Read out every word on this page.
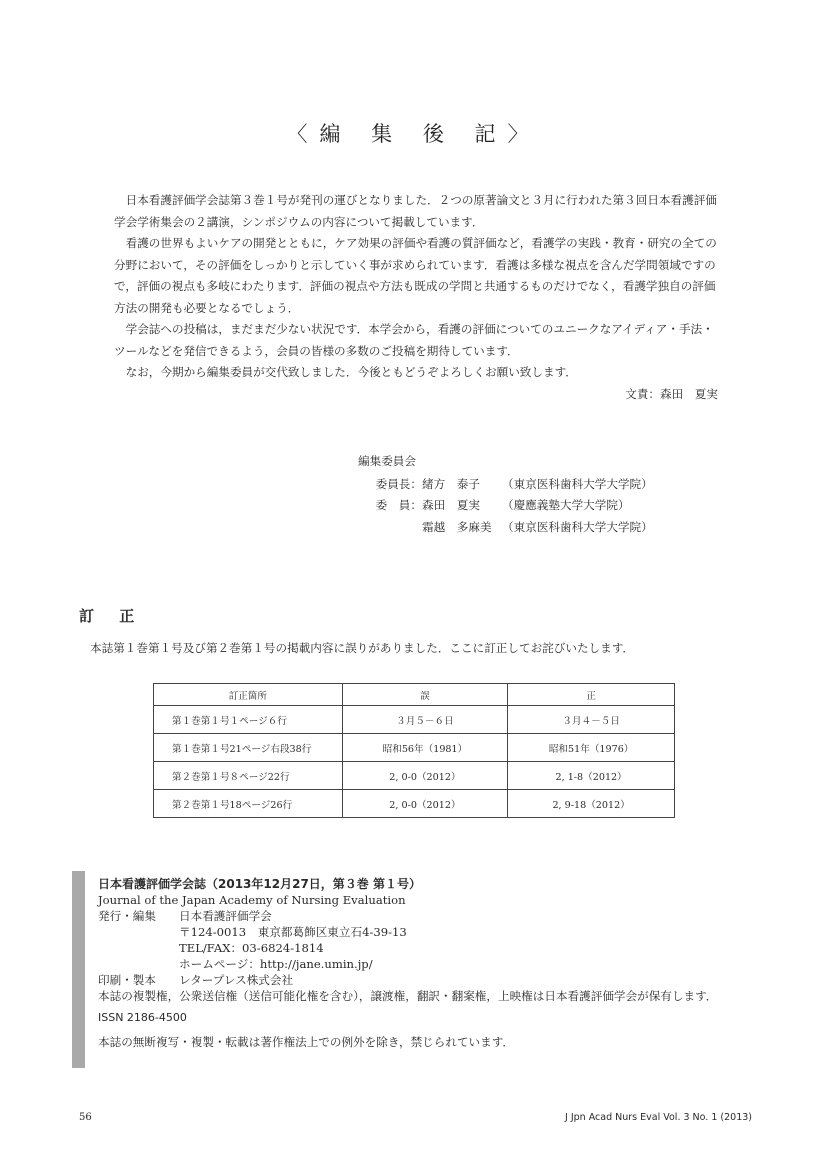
〈編 集 後 記〉

日本看護評価学会誌第３巻１号が発刊の運びとなりました．２つの原著論文と３月に行われた第３回日本看護評価学会学術集会の２講演，シンポジウムの内容について掲載しています．

看護の世界もよいケアの開発とともに，ケア効果の評価や看護の質評価など，看護学の実践・教育・研究の全ての分野において，その評価をしっかりと示していく事が求められています．看護は多様な視点を含んだ学問領域ですので，評価の視点も多岐にわたります．評価の視点や方法も既成の学問と共通するものだけでなく，看護学独自の評価方法の開発も必要となるでしょう．

学会誌への投稿は，まだまだ少ない状況です．本学会から，看護の評価についてのユニークなアイディア・手法・ツールなどを発信できるよう，会員の皆様の多数のご投稿を期待しています．

なお，今期から編集委員が交代致しました．今後ともどうぞよろしくお願い致します．

文責：森田　夏実

編集委員会
委員長： 緒方　泰子	（東京医科歯科大学大学院）
委　員： 森田　夏実	（慶應義塾大学大学院）
霜越　多麻美 （東京医科歯科大学大学院）
訂 正
本誌第１巻第１号及び第２巻第１号の掲載内容に誤りがありました．ここに訂正してお詫びいたします．
訂正箇所	誤	正
第１巻第１号１ページ６行	３月５－６日	３月４－５日
第１巻第１号21ページ右段38行	昭和56年（1981）	昭和51年（1976）
第２巻第１号８ページ22行	2, 0-0（2012）	2, 1-8（2012）
第２巻第１号18ページ26行	2, 0-0（2012）	2, 9-18（2012）
日本看護評価学会誌（2013年12月27日，第３巻 第１号）
Journal of the Japan Academy of Nursing Evaluation
発行・編集	日本看護評価学会
〒124-0013　東京都葛飾区東立石4-39-13
TEL/FAX：03-6824-1814
ホームページ：http://jane.umin.jp/
印刷・製本	レタープレス株式会社
本誌の複製権，公衆送信権（送信可能化権を含む），譲渡権，翻訳・翻案権，上映権は日本看護評価学会が保有します．
ISSN 2186-4500
本誌の無断複写・複製・転載は著作権法上での例外を除き，禁じられています．
56	J Jpn Acad Nurs Eval Vol. 3 No. 1 (2013)
